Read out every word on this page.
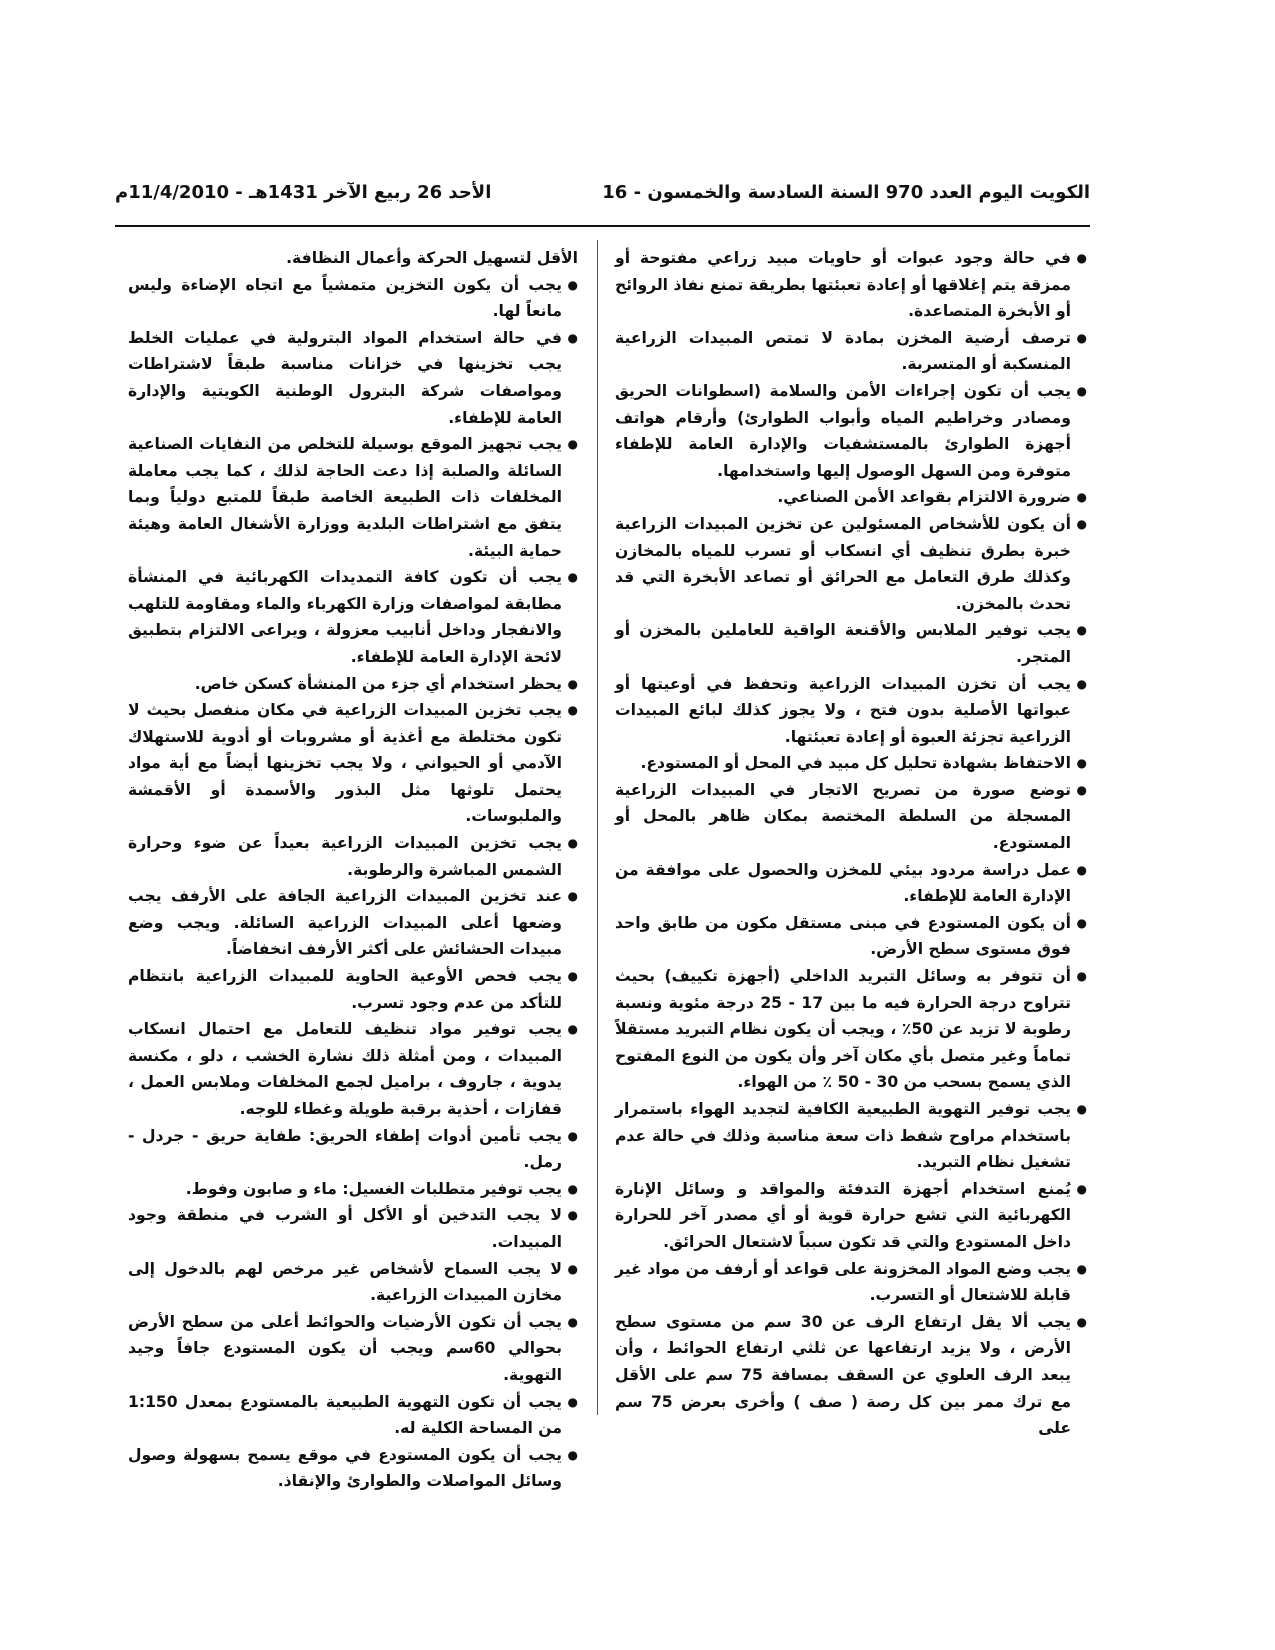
الكويت اليوم العدد 970 السنة السادسة والخمسون - 16
الأحد 26 ربيع الآخر 1431هـ - 11/4/2010م

●
في حالة وجود عبوات أو حاويات مبيد زراعي مفتوحة أو ممزقة يتم إغلاقها أو إعادة تعبئتها بطريقة تمنع نفاذ الروائح أو الأبخرة المتصاعدة.

●
ترصف أرضية المخزن بمادة لا تمتص المبيدات الزراعية المنسكبة أو المتسربة.

●
يجب أن تكون إجراءات الأمن والسلامة (اسطوانات الحريق ومصادر وخراطيم المياه وأبواب الطوارئ) وأرقام هواتف أجهزة الطوارئ بالمستشفيات والإدارة العامة للإطفاء متوفرة ومن السهل الوصول إليها واستخدامها.

●
ضرورة الالتزام بقواعد الأمن الصناعي.

●
أن يكون للأشخاص المسئولين عن تخزين المبيدات الزراعية خبرة بطرق تنظيف أي انسكاب أو تسرب للمياه بالمخازن وكذلك طرق التعامل مع الحرائق أو تصاعد الأبخرة التي قد تحدث بالمخزن.

●
يجب توفير الملابس والأقنعة الواقية للعاملين بالمخزن أو المتجر.

●
يجب أن تخزن المبيدات الزراعية وتحفظ في أوعيتها أو عبواتها الأصلية بدون فتح ، ولا يجوز كذلك لبائع المبيدات الزراعية تجزئة العبوة أو إعادة تعبئتها.

●
الاحتفاظ بشهادة تحليل كل مبيد في المحل أو المستودع.

●
توضع صورة من تصريح الاتجار في المبيدات الزراعية المسجلة من السلطة المختصة بمكان ظاهر بالمحل أو المستودع.

●
عمل دراسة مردود بيئي للمخزن والحصول على موافقة من الإدارة العامة للإطفاء.

●
أن يكون المستودع في مبنى مستقل مكون من طابق واحد فوق مستوى سطح الأرض.

●
أن تتوفر به وسائل التبريد الداخلي (أجهزة تكييف) بحيث تتراوح درجة الحرارة فيه ما بين 17 - 25 درجة مئوية ونسبة رطوبة لا تزيد عن 50٪ ، ويجب أن يكون نظام التبريد مستقلاً تماماً وغير متصل بأي مكان آخر وأن يكون من النوع المفتوح الذي يسمح بسحب من 30 - 50 ٪ من الهواء.

●
يجب توفير التهوية الطبيعية الكافية لتجديد الهواء باستمرار باستخدام مراوح شفط ذات سعة مناسبة وذلك في حالة عدم تشغيل نظام التبريد.

●
يُمنع استخدام أجهزة التدفئة والمواقد و وسائل الإنارة الكهربائية التي تشع حرارة قوية أو أي مصدر آخر للحرارة داخل المستودع والتي قد تكون سبباً لاشتعال الحرائق.

●
يجب وضع المواد المخزونة على قواعد أو أرفف من مواد غير قابلة للاشتعال أو التسرب.

●
يجب ألا يقل ارتفاع الرف عن 30 سم من مستوى سطح الأرض ، ولا يزيد ارتفاعها عن ثلثي ارتفاع الحوائط ، وأن يبعد الرف العلوي عن السقف بمسافة 75 سم على الأقل مع ترك ممر بين كل رصة ( صف ) وأخرى بعرض 75 سم على

الأقل لتسهيل الحركة وأعمال النظافة.

●
يجب أن يكون التخزين متمشياً مع اتجاه الإضاءة وليس مانعاً لها.

●
في حالة استخدام المواد البترولية في عمليات الخلط يجب تخزينها في خزانات مناسبة طبقاً لاشتراطات ومواصفات شركة البترول الوطنية الكويتية والإدارة العامة للإطفاء.

●
يجب تجهيز الموقع بوسيلة للتخلص من النفايات الصناعية السائلة والصلبة إذا دعت الحاجة لذلك ، كما يجب معاملة المخلفات ذات الطبيعة الخاصة طبقاً للمتبع دولياً وبما يتفق مع اشتراطات البلدية ووزارة الأشغال العامة وهيئة حماية البيئة.

●
يجب أن تكون كافة التمديدات الكهربائية في المنشأة مطابقة لمواصفات وزارة الكهرباء والماء ومقاومة للتلهب والانفجار وداخل أنابيب معزولة ، ويراعى الالتزام بتطبيق لائحة الإدارة العامة للإطفاء.

●
يحظر استخدام أي جزء من المنشأة كسكن خاص.

●
يجب تخزين المبيدات الزراعية في مكان منفصل بحيث لا تكون مختلطة مع أغذية أو مشروبات أو أدوية للاستهلاك الآدمي أو الحيواني ، ولا يجب تخزينها أيضاً مع أية مواد يحتمل تلوثها مثل البذور والأسمدة أو الأقمشة والملبوسات.

●
يجب تخزين المبيدات الزراعية بعيداً عن ضوء وحرارة الشمس المباشرة والرطوبة.

●
عند تخزين المبيدات الزراعية الجافة على الأرفف يجب وضعها أعلى المبيدات الزراعية السائلة. ويجب وضع مبيدات الحشائش على أكثر الأرفف انخفاضاً.

●
يجب فحص الأوعية الحاوية للمبيدات الزراعية بانتظام للتأكد من عدم وجود تسرب.

●
يجب توفير مواد تنظيف للتعامل مع احتمال انسكاب المبيدات ، ومن أمثلة ذلك نشارة الخشب ، دلو ، مكنسة يدوية ، جاروف ، براميل لجمع المخلفات وملابس العمل ، قفازات ، أحذية برقبة طويلة وغطاء للوجه.

●
يجب تأمين أدوات إطفاء الحريق: طفاية حريق - جردل - رمل.

●
يجب توفير متطلبات الغسيل: ماء و صابون وفوط.

●
لا يجب التدخين أو الأكل أو الشرب في منطقة وجود المبيدات.

●
لا يجب السماح لأشخاص غير مرخص لهم بالدخول إلى مخازن المبيدات الزراعية.

●
يجب أن تكون الأرضيات والحوائط أعلى من سطح الأرض بحوالي 60سم ويجب أن يكون المستودع جافاً وجيد التهوية.

●
يجب أن تكون التهوية الطبيعية بالمستودع بمعدل 1:150 من المساحة الكلية له.

●
يجب أن يكون المستودع في موقع يسمح بسهولة وصول وسائل المواصلات والطوارئ والإنقاذ.
